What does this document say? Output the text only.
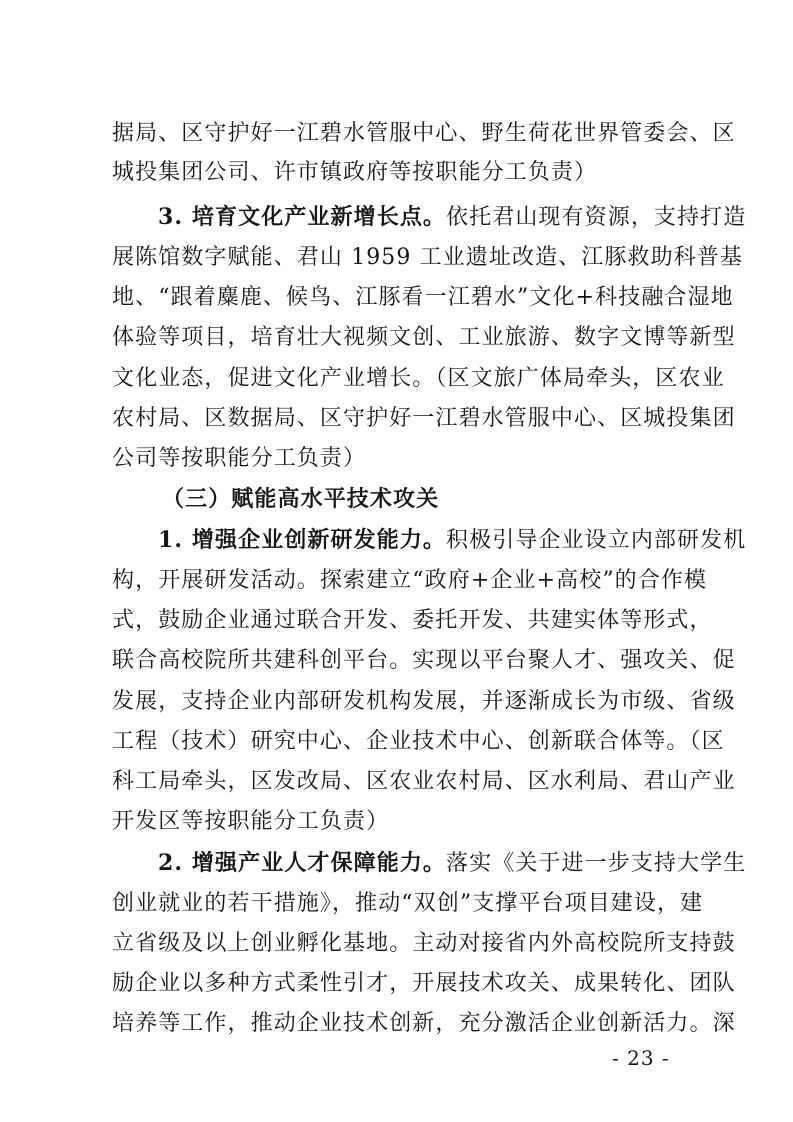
据局、区守护好一江碧水管服中心、野生荷花世界管委会、区
城投集团公司、许市镇政府等按职能分工负责）
3. 培育文化产业新增长点。依托君山现有资源，支持打造
展陈馆数字赋能、君山 1959 工业遗址改造、江豚救助科普基
地、“跟着麋鹿、候鸟、江豚看一江碧水”文化+科技融合湿地
体验等项目，培育壮大视频文创、工业旅游、数字文博等新型
文化业态，促进文化产业增长。（区文旅广体局牵头，区农业
农村局、区数据局、区守护好一江碧水管服中心、区城投集团
公司等按职能分工负责）
（三）赋能高水平技术攻关
1. 增强企业创新研发能力。积极引导企业设立内部研发机
构，开展研发活动。探索建立“政府+企业+高校”的合作模
式，鼓励企业通过联合开发、委托开发、共建实体等形式，
联合高校院所共建科创平台。实现以平台聚人才、强攻关、促
发展，支持企业内部研发机构发展，并逐渐成长为市级、省级
工程（技术）研究中心、企业技术中心、创新联合体等。（区
科工局牵头，区发改局、区农业农村局、区水利局、君山产业
开发区等按职能分工负责）
2. 增强产业人才保障能力。落实《关于进一步支持大学生
创业就业的若干措施》，推动“双创”支撑平台项目建设，建
立省级及以上创业孵化基地。主动对接省内外高校院所支持鼓
励企业以多种方式柔性引才，开展技术攻关、成果转化、团队
培养等工作，推动企业技术创新，充分激活企业创新活力。深
- 23 -
